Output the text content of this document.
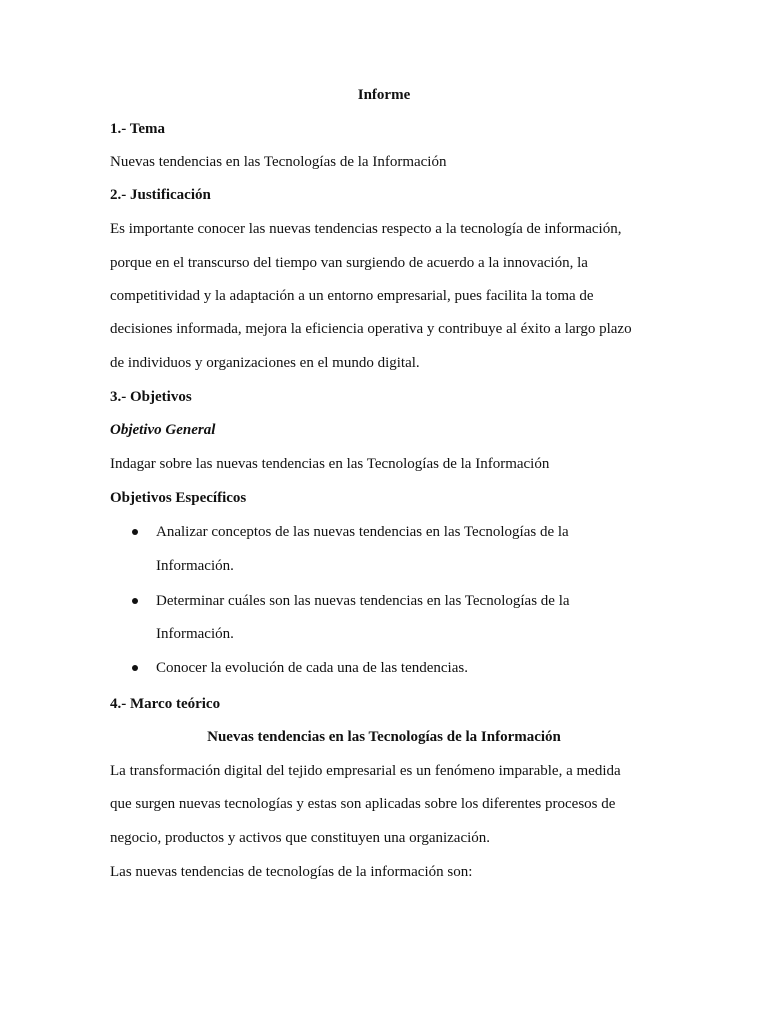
Informe
1.- Tema
Nuevas tendencias en las Tecnologías de la Información
2.- Justificación
Es importante conocer las nuevas tendencias respecto a la tecnología de información,
porque en el transcurso del tiempo van surgiendo de acuerdo a la innovación, la
competitividad y la adaptación a un entorno empresarial, pues facilita la toma de
decisiones informada, mejora la eficiencia operativa y contribuye al éxito a largo plazo
de individuos y organizaciones en el mundo digital.
3.- Objetivos
Objetivo General
Indagar sobre las nuevas tendencias en las Tecnologías de la Información
Objetivos Específicos
Analizar conceptos de las nuevas tendencias en las Tecnologías de la
Información.
Determinar cuáles son las nuevas tendencias en las Tecnologías de la
Información.
Conocer la evolución de cada una de las tendencias.
4.- Marco teórico
Nuevas tendencias en las Tecnologías de la Información
La transformación digital del tejido empresarial es un fenómeno imparable, a medida
que surgen nuevas tecnologías y estas son aplicadas sobre los diferentes procesos de
negocio, productos y activos que constituyen una organización.
Las nuevas tendencias de tecnologías de la información son:
